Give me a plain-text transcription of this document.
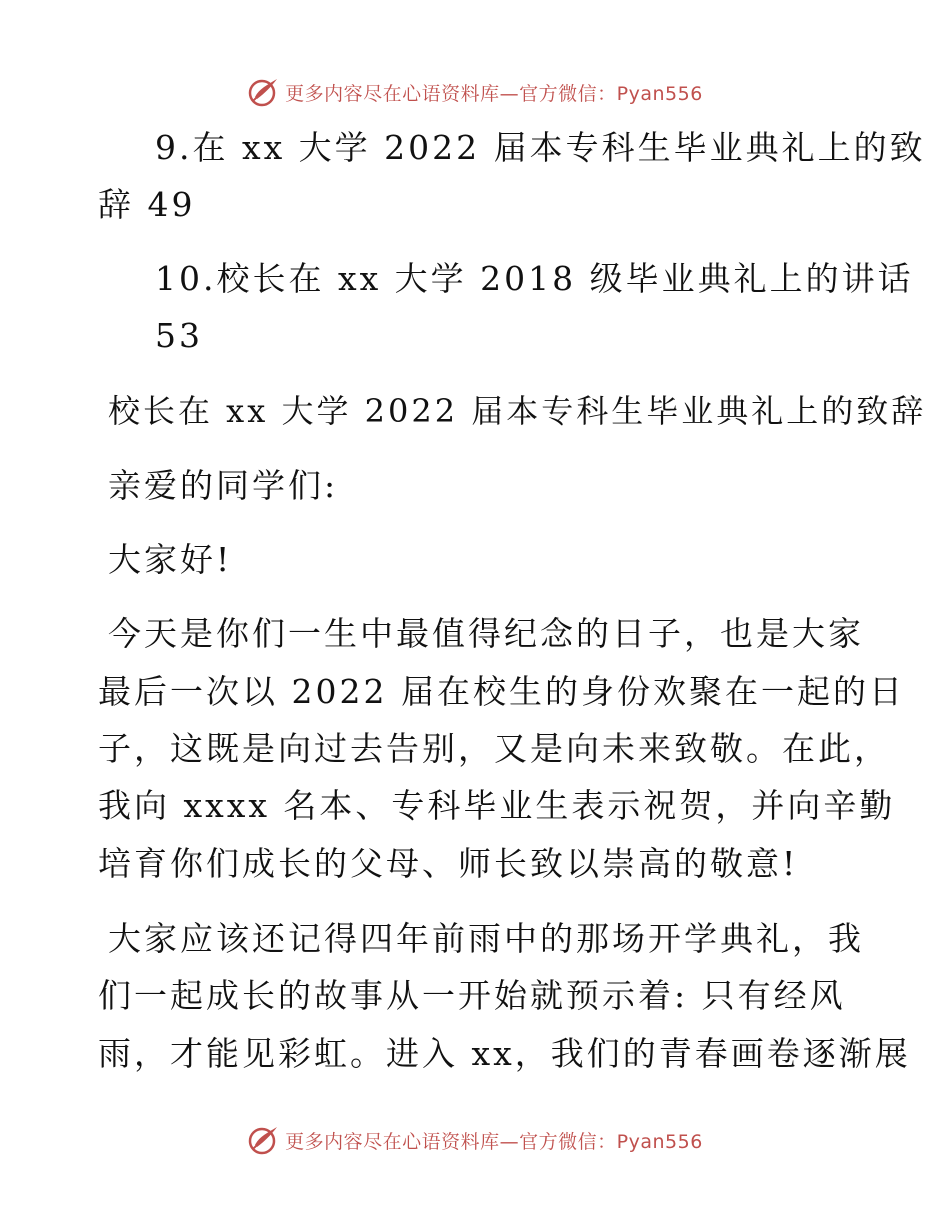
更多内容尽在心语资料库—官方微信：Pyan556
9.在 xx 大学 2022 届本专科生毕业典礼上的致
辞 49
10.校长在 xx 大学 2018 级毕业典礼上的讲话
53
校长在 xx 大学 2022 届本专科生毕业典礼上的致辞
亲爱的同学们:
大家好!
今天是你们一生中最值得纪念的日子，也是大家
最后一次以 2022 届在校生的身份欢聚在一起的日
子，这既是向过去告别，又是向未来致敬。在此，
我向 xxxx 名本、专科毕业生表示祝贺，并向辛勤
培育你们成长的父母、师长致以崇高的敬意!
大家应该还记得四年前雨中的那场开学典礼，我
们一起成长的故事从一开始就预示着: 只有经风
雨，才能见彩虹。进入 xx，我们的青春画卷逐渐展
更多内容尽在心语资料库—官方微信：Pyan556
